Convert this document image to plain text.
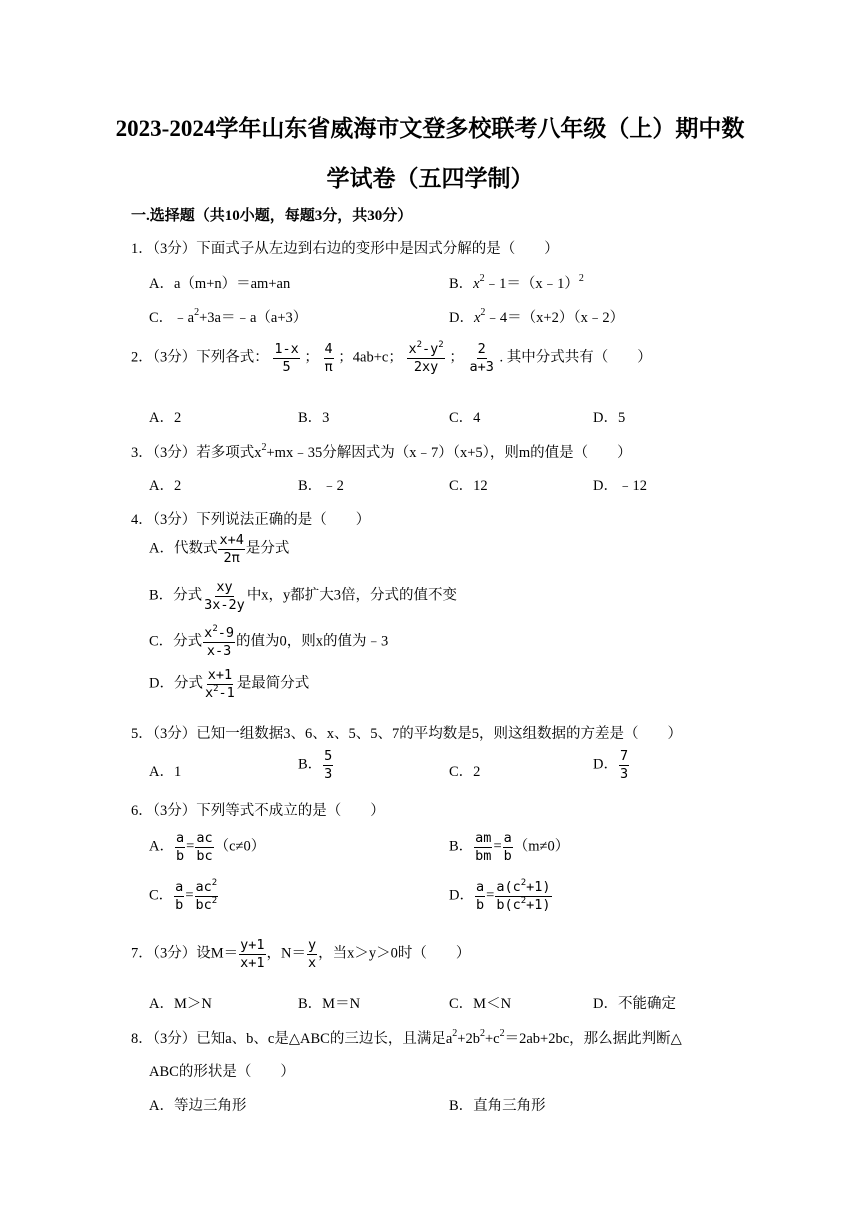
2023-2024学年山东省威海市文登多校联考八年级（上）期中数
学试卷（五四学制）
一.选择题（共10小题，每题3分，共30分）
1．（3分）下面式子从左边到右边的变形中是因式分解的是（　　）
A．a（m+n）＝am+an	B．$x^2﹣1=(x﹣1)^2$
C．$﹣a^2+3a=﹣a(a+3)$	D．$x^2﹣4=(x+2)(x﹣2)$
2．（3分）下列各式： $\frac{1-x}{5}$ ； $\frac{4}{\pi}$ ；4ab+c； $\frac{x^2-y^2}{2xy}$ ； $\frac{2}{a+3}$ . 其中分式共有（　　）
A．2	B．3	C．4	D．5
3．（3分）若多项式$x^2+mx﹣35$分解因式为（x﹣7）（x+5），则m的值是（　　）
A．2	B．﹣2	C．12	D．﹣12
4．（3分）下列说法正确的是（　　）
A．代数式 $\frac{x+4}{2\pi}$ 是分式
B．分式 $\frac{xy}{3x-2y}$ 中x，y都扩大3倍，分式的值不变
C．分式 $\frac{x^2-9}{x-3}$ 的值为0，则x的值为﹣3
D．分式 $\frac{x+1}{x^2-1}$ 是最简分式
5．（3分）已知一组数据3、6、x、5、5、7的平均数是5，则这组数据的方差是（　　）
A．1	B． $\frac{5}{3}$	C．2	D． $\frac{7}{3}$
6．（3分）下列等式不成立的是（　　）
A． $\frac{a}{b} = \frac{ac}{bc} (c\ne 0)$	B． $\frac{am}{bm} = \frac{a}{b} (m\ne 0)$
C． $\frac{a}{b} = \frac{ac^2}{bc^2}$	D． $\frac{a}{b} = \frac{a(c^2+1)}{b(c^2+1)}$
7．（3分）设$M= \frac{y+1}{x+1}$ ，$N= \frac{y}{x}$ ，当x＞y＞0时（　　）
A．M＞N	B．M＝N	C．M＜N	D．不能确定
8．（3分）已知a、b、c是△ABC的三边长，且满足$a^2+2b^2+c^2=2ab+2bc$，那么据此判断△
ABC的形状是（　　）
A．等边三角形	B．直角三角形
